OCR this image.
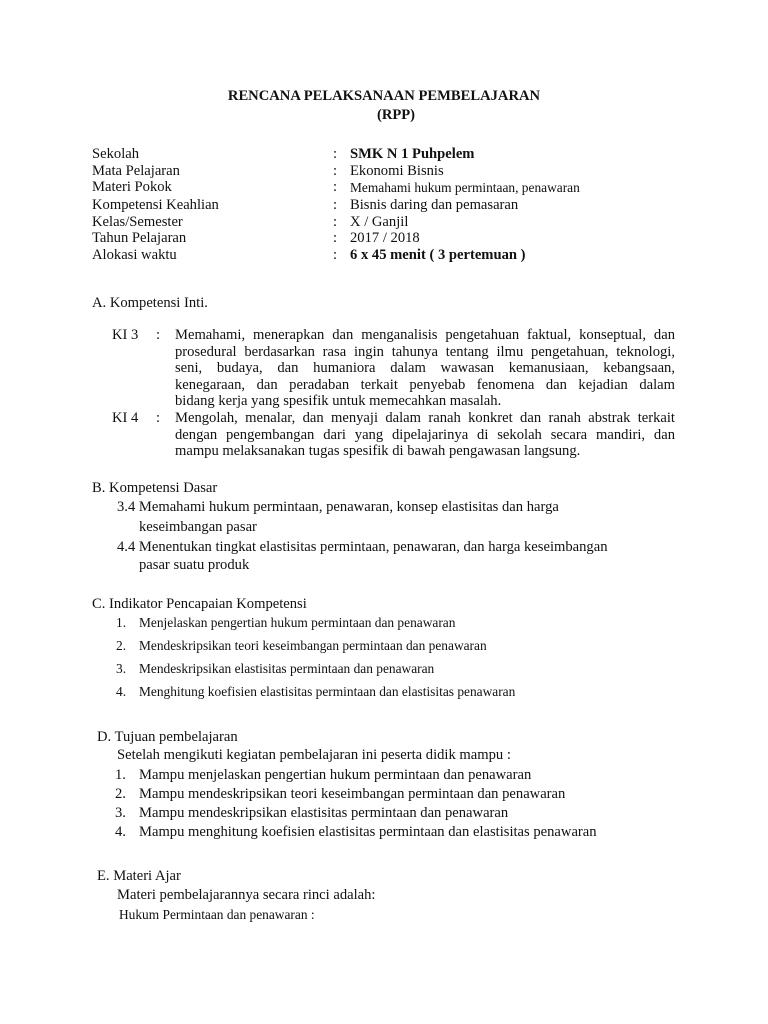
RENCANA PELAKSANAAN PEMBELAJARAN
(RPP)
Sekolah	: SMK N 1 Puhpelem
Mata Pelajaran	: Ekonomi Bisnis
Materi Pokok	: Memahami hukum permintaan, penawaran
Kompetensi Keahlian	: Bisnis daring dan pemasaran
Kelas/Semester	: X / Ganjil
Tahun Pelajaran	: 2017 / 2018
Alokasi waktu	: 6 x 45 menit ( 3 pertemuan )
A. Kompetensi Inti.
KI 3 : Memahami, menerapkan dan menganalisis pengetahuan faktual, konseptual, dan

prosedural berdasarkan rasa ingin tahunya tentang ilmu pengetahuan, teknologi,

seni, budaya, dan humaniora dalam wawasan kemanusiaan, kebangsaan,

kenegaraan, dan peradaban terkait penyebab fenomena dan kejadian dalam

bidang kerja yang spesifik untuk memecahkan masalah.

KI 4 : Mengolah, menalar, dan menyaji dalam ranah konkret dan ranah abstrak terkait

dengan pengembangan dari yang dipelajarinya di sekolah secara mandiri, dan

mampu melaksanakan tugas spesifik di bawah pengawasan langsung.

B. Kompetensi Dasar
3.4 Memahami hukum permintaan, penawaran, konsep elastisitas dan harga
keseimbangan pasar
4.4 Menentukan tingkat elastisitas permintaan, penawaran, dan harga keseimbangan
pasar suatu produk
C. Indikator Pencapaian Kompetensi
1. Menjelaskan pengertian hukum permintaan dan penawaran
2. Mendeskripsikan teori keseimbangan permintaan dan penawaran
3. Mendeskripsikan elastisitas permintaan dan penawaran
4. Menghitung koefisien elastisitas permintaan dan elastisitas penawaran
D. Tujuan pembelajaran
Setelah mengikuti kegiatan pembelajaran ini peserta didik mampu :
1. Mampu menjelaskan pengertian hukum permintaan dan penawaran
2. Mampu mendeskripsikan teori keseimbangan permintaan dan penawaran
3. Mampu mendeskripsikan elastisitas permintaan dan penawaran
4. Mampu menghitung koefisien elastisitas permintaan dan elastisitas penawaran
E. Materi Ajar
Materi pembelajarannya secara rinci adalah:
Hukum Permintaan dan penawaran :
